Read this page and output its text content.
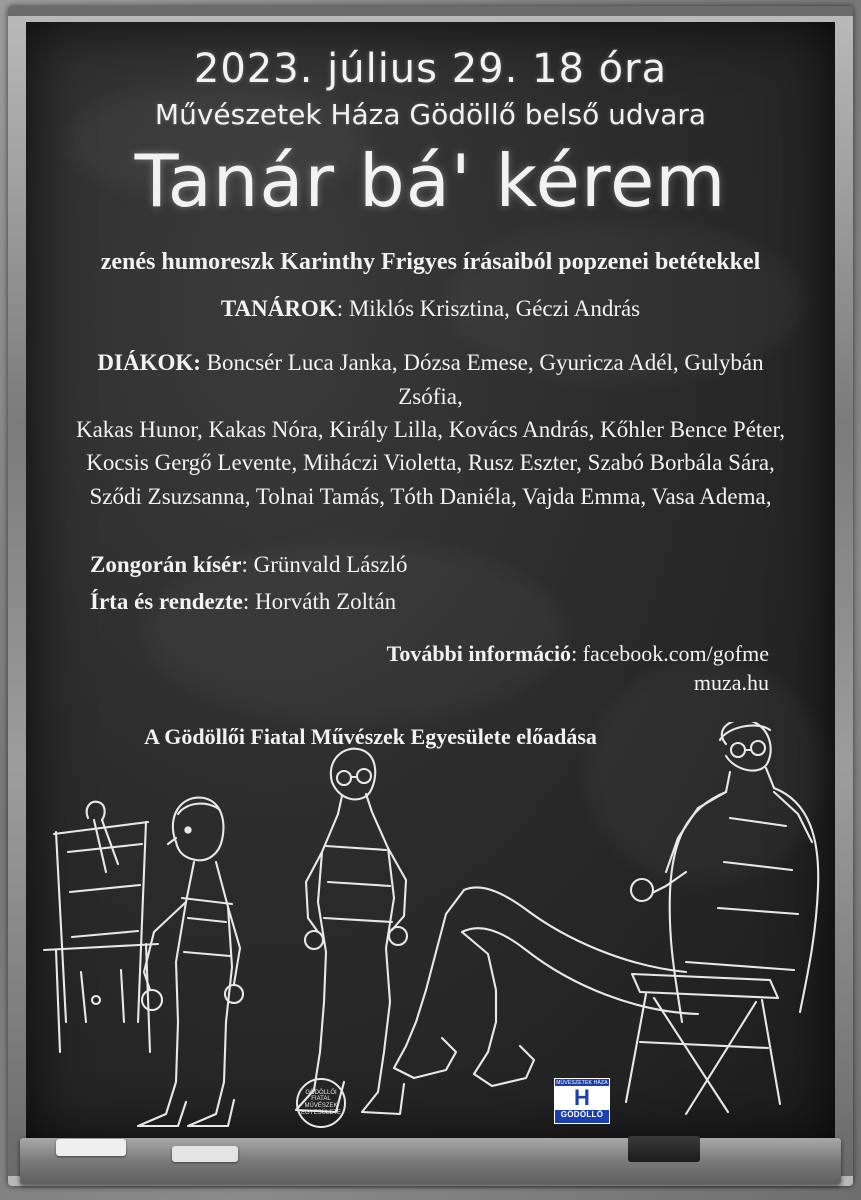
2023. július 29. 18 óra
Művészetek Háza Gödöllő belső udvara
Tanár bá' kérem
zenés humoreszk Karinthy Frigyes írásaiból popzenei betétekkel
TANÁROK: Miklós Krisztina, Géczi András
DIÁKOK: Boncsér Luca Janka, Dózsa Emese, Gyuricza Adél, Gulybán Zsófia,
Kakas Hunor, Kakas Nóra, Király Lilla, Kovács András, Kőhler Bence Péter,
Kocsis Gergő Levente, Miháczi Violetta, Rusz Eszter, Szabó Borbála Sára,
Sződi Zsuzsanna, Tolnai Tamás, Tóth Daniéla, Vajda Emma, Vasa Adema,
Zongorán kísér: Grünvald László
Írta és rendezte: Horváth Zoltán
További információ: facebook.com/gofme
muza.hu
A Gödöllői Fiatal Művészek Egyesülete előadása
GÖDÖLLŐI FIATAL MŰVÉSZEK EGYESÜLETE
MŰVÉSZETEK HÁZA
H
GÖDÖLLŐ
